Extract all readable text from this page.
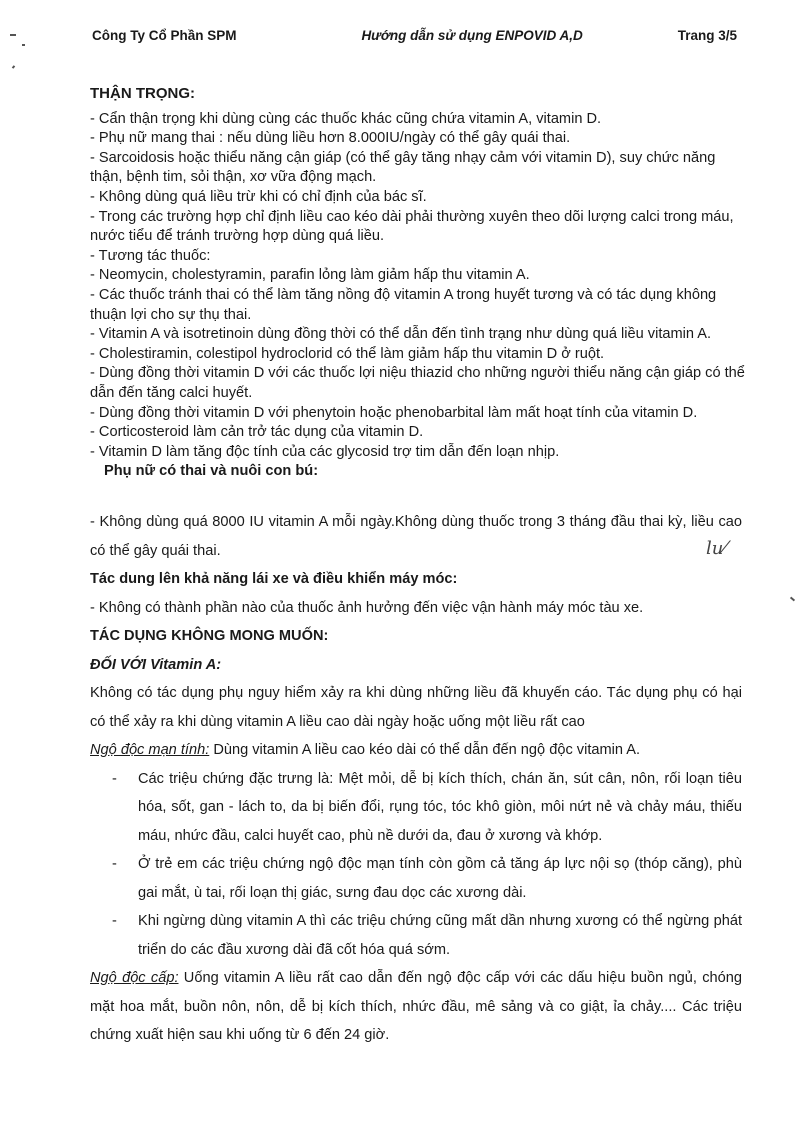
Công Ty Cổ Phần SPM	Hướng dẫn sử dụng ENPOVID A,D	Trang 3/5
THẬN TRỌNG:
- Cẩn thận trọng khi dùng cùng các thuốc khác cũng chứa vitamin A, vitamin D.
- Phụ nữ mang thai : nếu dùng liều hơn 8.000IU/ngày có thể gây quái thai.
- Sarcoidosis hoặc thiểu năng cận giáp (có thể gây tăng nhạy cảm với vitamin D), suy chức năng thận, bệnh tim, sỏi thận, xơ vữa động mạch.
- Không dùng quá liều trừ khi có chỉ định của bác sĩ.
- Trong các trường hợp chỉ định liều cao kéo dài phải thường xuyên theo dõi lượng calci trong máu, nước tiểu để tránh trường hợp dùng quá liều.
- Tương tác thuốc:
- Neomycin, cholestyramin, parafin lỏng làm giảm hấp thu vitamin A.
- Các thuốc tránh thai có thể làm tăng nồng độ vitamin A trong huyết tương và có tác dụng không thuận lợi cho sự thụ thai.
- Vitamin A và isotretinoin dùng đồng thời có thể dẫn đến tình trạng như dùng quá liều vitamin A.
- Cholestiramin, colestipol hydroclorid có thể làm giảm hấp thu vitamin D ở ruột.
- Dùng đồng thời vitamin D với các thuốc lợi niệu thiazid cho những người thiểu năng cận giáp có thể dẫn đến tăng calci huyết.
- Dùng đồng thời vitamin D với phenytoin hoặc phenobarbital làm mất hoạt tính của vitamin D.
- Corticosteroid làm cản trở tác dụng của vitamin D.
- Vitamin D làm tăng độc tính của các glycosid trợ tim dẫn đến loạn nhịp.
Phụ nữ có thai và nuôi con bú:
- Không dùng quá 8000 IU vitamin A mỗi ngày.Không dùng thuốc trong 3 tháng đầu thai kỳ, liều cao có thể gây quái thai.
Tác dung lên khả năng lái xe và điều khiển máy móc:
- Không có thành phần nào của thuốc ảnh hưởng đến việc vận hành máy móc tàu xe.
TÁC DỤNG KHÔNG MONG MUỐN:
ĐỐI VỚI Vitamin A:
Không có tác dụng phụ nguy hiểm xảy ra khi dùng những liều đã khuyến cáo. Tác dụng phụ có hại có thể xảy ra khi dùng vitamin A liều cao dài ngày hoặc uống một liều rất cao
Ngộ độc mạn tính: Dùng vitamin A liều cao kéo dài có thể dẫn đến ngộ độc vitamin A.
-	Các triệu chứng đặc trưng là: Mệt mỏi, dễ bị kích thích, chán ăn, sút cân, nôn, rối loạn tiêu hóa, sốt, gan - lách to, da bị biến đổi, rụng tóc, tóc khô giòn, môi nứt nẻ và chảy máu, thiếu máu, nhức đầu, calci huyết cao, phù nề dưới da, đau ở xương và khớp.
-	Ở trẻ em các triệu chứng ngộ độc mạn tính còn gồm cả tăng áp lực nội sọ (thóp căng), phù gai mắt, ù tai, rối loạn thị giác, sưng đau dọc các xương dài.
-	Khi ngừng dùng vitamin A thì các triệu chứng cũng mất dần nhưng xương có thể ngừng phát triển do các đầu xương dài đã cốt hóa quá sớm.
Ngộ độc cấp: Uống vitamin A liều rất cao dẫn đến ngộ độc cấp với các dấu hiệu buồn ngủ, chóng mặt hoa mắt, buồn nôn, nôn, dễ bị kích thích, nhức đầu, mê sảng và co giật, ỉa chảy.... Các triệu chứng xuất hiện sau khi uống từ 6 đến 24 giờ.
lu⁄
